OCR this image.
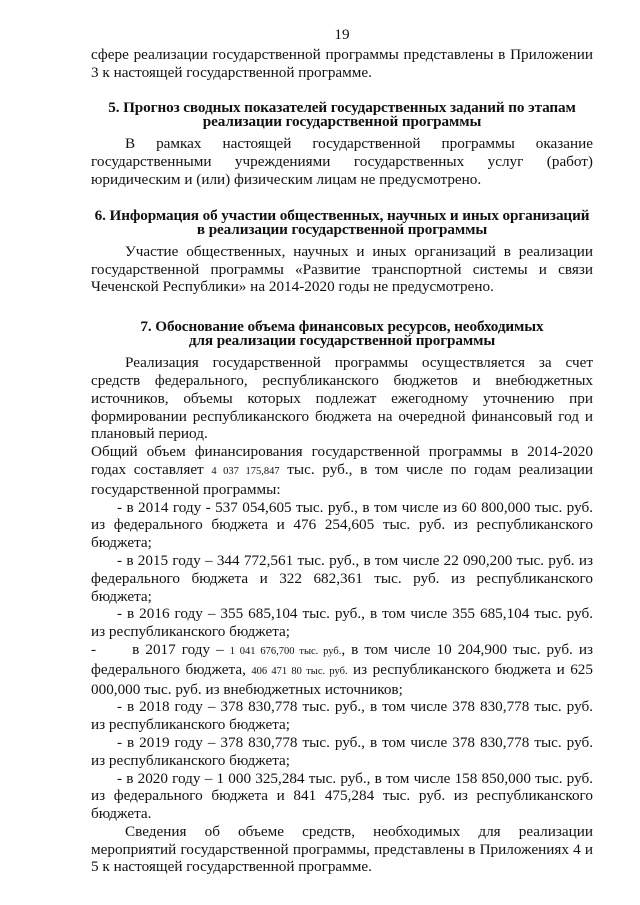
19

сфере реализации государственной программы представлены в Приложении 3 к настоящей государственной программе.

5. Прогноз сводных показателей государственных заданий по этапам
реализации государственной программы

В рамках настоящей государственной программы оказание государственными учреждениями государственных услуг (работ) юридическим и (или) физическим лицам не предусмотрено.

6. Информация об участии общественных, научных и иных организаций
в реализации государственной программы

Участие общественных, научных и иных организаций в реализации государственной программы «Развитие транспортной системы и связи Чеченской Республики» на 2014-2020 годы не предусмотрено.

7. Обоснование объема финансовых ресурсов, необходимых
для реализации государственной программы

Реализация государственной программы осуществляется за счет средств федерального, республиканского бюджетов и внебюджетных источников, объемы которых подлежат ежегодному уточнению при формировании республиканского бюджета на очередной финансовый год и плановый период.

Общий объем финансирования государственной программы в 2014-2020 годах составляет 4 037 175,847 тыс. руб., в том числе по годам реализации государственной программы:

- в 2014 году - 537 054,605 тыс. руб., в том числе из 60 800,000 тыс. руб. из федерального бюджета и 476 254,605 тыс. руб. из республиканского бюджета;

- в 2015 году – 344 772,561 тыс. руб., в том числе 22 090,200 тыс. руб. из федерального бюджета и 322 682,361 тыс. руб. из республиканского бюджета;

- в 2016 году – 355 685,104 тыс. руб., в том числе 355 685,104 тыс. руб. из республиканского бюджета;

-      в 2017 году – 1 041 676,700 тыс. руб., в том числе 10 204,900 тыс. руб. из федерального бюджета, 406 471 80 тыс. руб. из республиканского бюджета и 625 000,000 тыс. руб. из внебюджетных источников;

- в 2018 году – 378 830,778 тыс. руб., в том числе 378 830,778 тыс. руб. из республиканского бюджета;

- в 2019 году – 378 830,778 тыс. руб., в том числе 378 830,778 тыс. руб. из республиканского бюджета;

- в 2020 году – 1 000 325,284 тыс. руб., в том числе 158 850,000 тыс. руб. из федерального бюджета и 841 475,284 тыс. руб. из республиканского бюджета.

Сведения об объеме средств, необходимых для реализации мероприятий государственной программы, представлены в Приложениях 4 и 5 к настоящей государственной программе.
